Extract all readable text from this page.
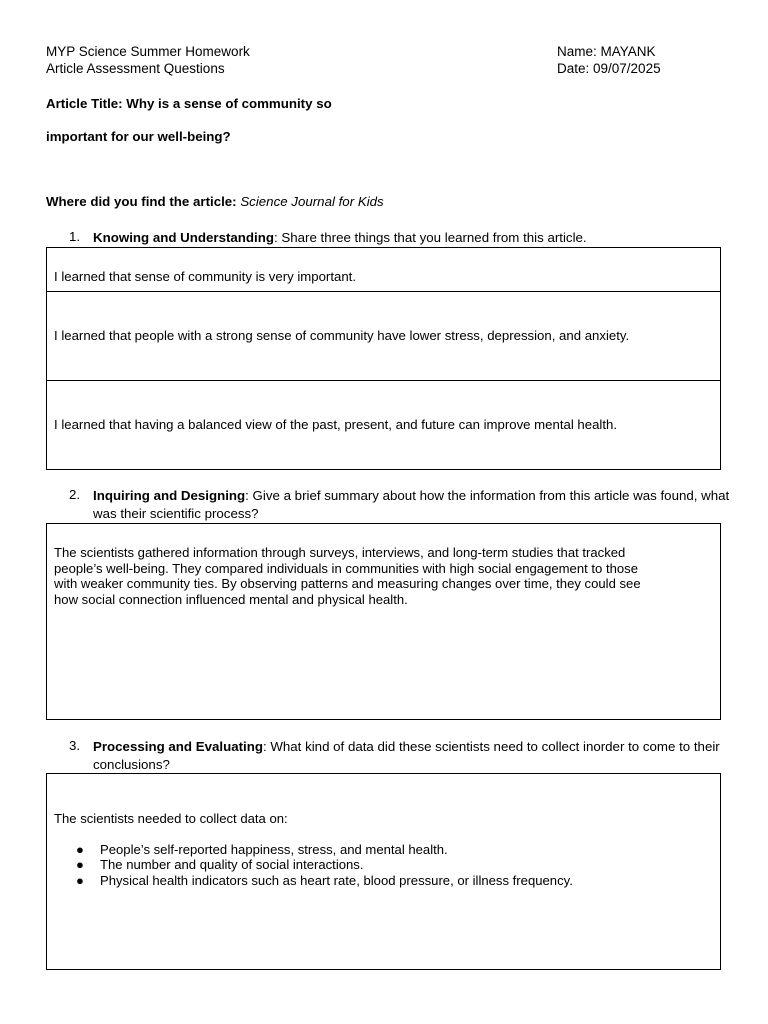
MYP Science Summer Homework
Article Assessment Questions
Name: MAYANK
Date: 09/07/2025
Article Title: Why is a sense of community so
important for our well-being?
Where did you find the article: Science Journal for Kids
1. Knowing and Understanding: Share three things that you learned from this article.
I learned that sense of community is very important.
I learned that people with a strong sense of community have lower stress, depression, and anxiety.
I learned that having a balanced view of the past, present, and future can improve mental health.
2. Inquiring and Designing: Give a brief summary about how the information from this article was found, what was their scientific process?

The scientists gathered information through surveys, interviews, and long-term studies that tracked

people’s well-being. They compared individuals in communities with high social engagement to those

with weaker community ties. By observing patterns and measuring changes over time, they could see

how social connection influenced mental and physical health.

3. Processing and Evaluating: What kind of data did these scientists need to collect inorder to come to their conclusions?

The scientists needed to collect data on:

● People’s self-reported happiness, stress, and mental health.
● The number and quality of social interactions.
● Physical health indicators such as heart rate, blood pressure, or illness frequency.
